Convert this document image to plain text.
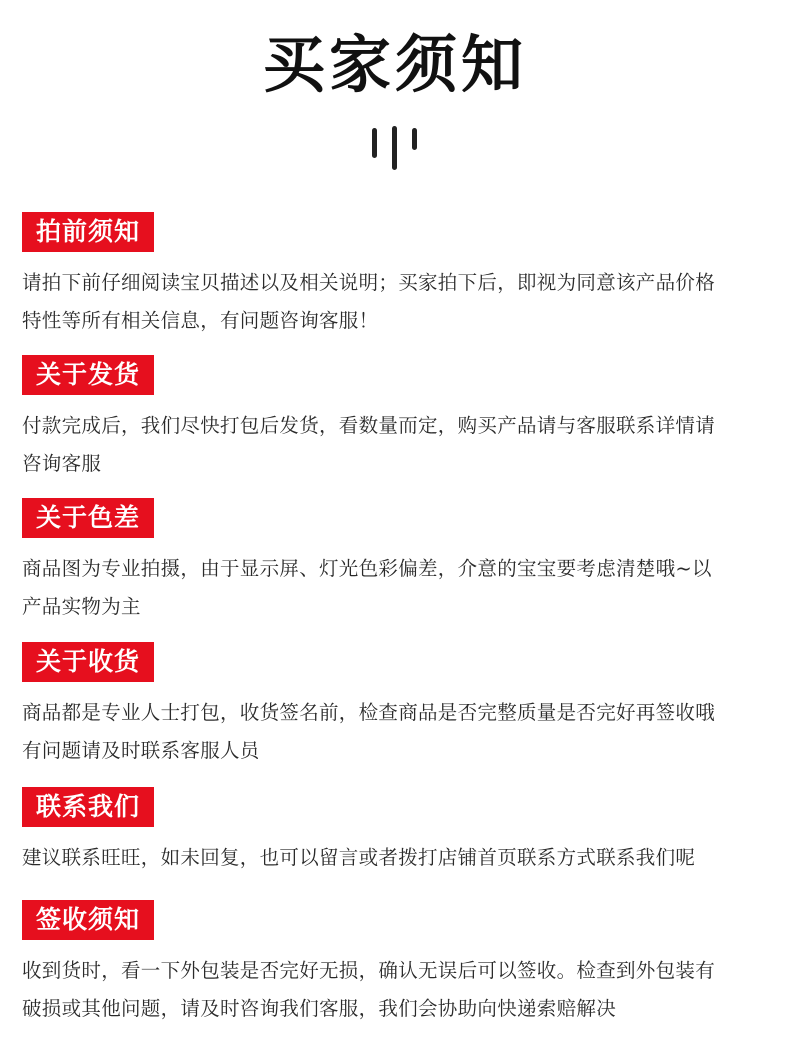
买家须知
拍前须知
请拍下前仔细阅读宝贝描述以及相关说明；买家拍下后，即视为同意该产品价格
特性等所有相关信息，有问题咨询客服！
关于发货
付款完成后，我们尽快打包后发货，看数量而定，购买产品请与客服联系详情请
咨询客服
关于色差
商品图为专业拍摄，由于显示屏、灯光色彩偏差，介意的宝宝要考虑清楚哦~以
产品实物为主
关于收货
商品都是专业人士打包，收货签名前，检查商品是否完整质量是否完好再签收哦
有问题请及时联系客服人员
联系我们
建议联系旺旺，如未回复，也可以留言或者拨打店铺首页联系方式联系我们呢
签收须知
收到货时，看一下外包装是否完好无损，确认无误后可以签收。检查到外包装有
破损或其他问题，请及时咨询我们客服，我们会协助向快递索赔解决
